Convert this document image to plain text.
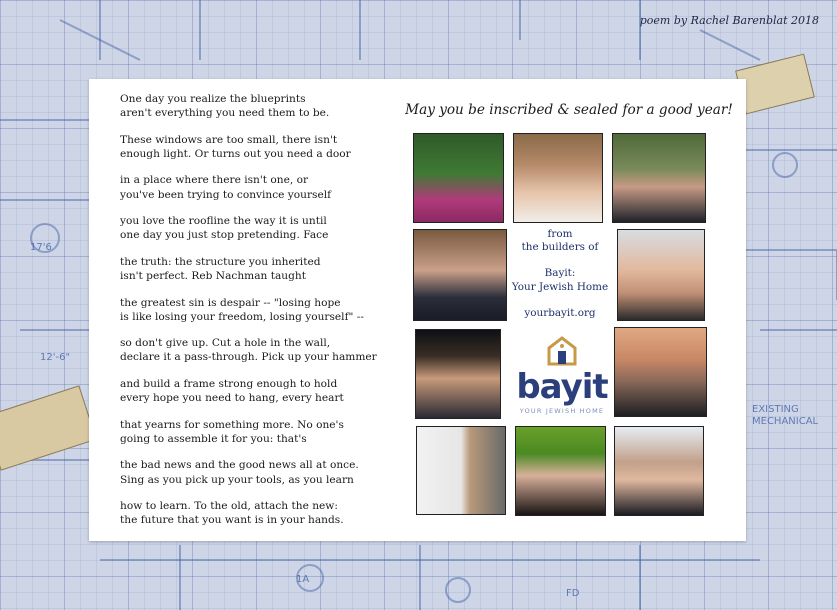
17'6
12'-6"
EXISTING
MECHANICAL
1A
FD
poem by Rachel Barenblat 2018
One day you realize the blueprints
aren't everything you need them to be.
These windows are too small, there isn't
enough light. Or turns out you need a door
in a place where there isn't one, or
you've been trying to convince yourself
you love the roofline the way it is until
one day you just stop pretending. Face
the truth: the structure you inherited
isn't perfect. Reb Nachman taught
the greatest sin is despair -- "losing hope
is like losing your freedom, losing yourself" --
so don't give up. Cut a hole in the wall,
declare it a pass-through. Pick up your hammer
and build a frame strong enough to hold
every hope you need to hang, every heart
that yearns for something more. No one's
going to assemble it for you: that's
the bad news and the good news all at once.
Sing as you pick up your tools, as you learn
how to learn. To the old, attach the new:
the future that you want is in your hands.
May you be inscribed & sealed for a good year!
from
the builders of
Bayit:
Your Jewish Home
yourbayit.org
bayit
YOUR JEWISH HOME
